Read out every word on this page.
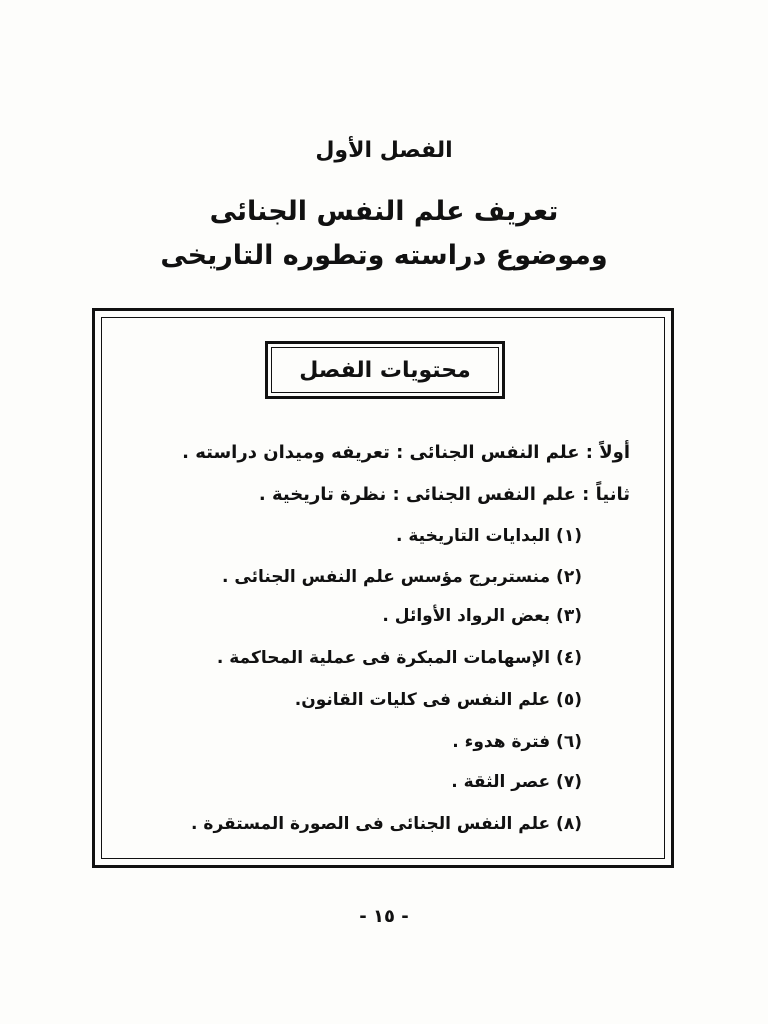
الفصل الأول
تعريف علم النفس الجنائى
وموضوع دراسته وتطوره التاريخى
محتويات الفصل
أولاً : علم النفس الجنائى : تعريفه وميدان دراسته .
ثانياً : علم النفس الجنائى : نظرة تاريخية .
(١) البدايات التاريخية .
(٢) منستربرج مؤسس علم النفس الجنائى .
(٣) بعض الرواد الأوائل .
(٤) الإسهامات المبكرة فى عملية المحاكمة .
(٥) علم النفس فى كليات القانون.
(٦) فترة هدوء .
(٧) عصر الثقة .
(٨) علم النفس الجنائى فى الصورة المستقرة .
- ١٥ -
